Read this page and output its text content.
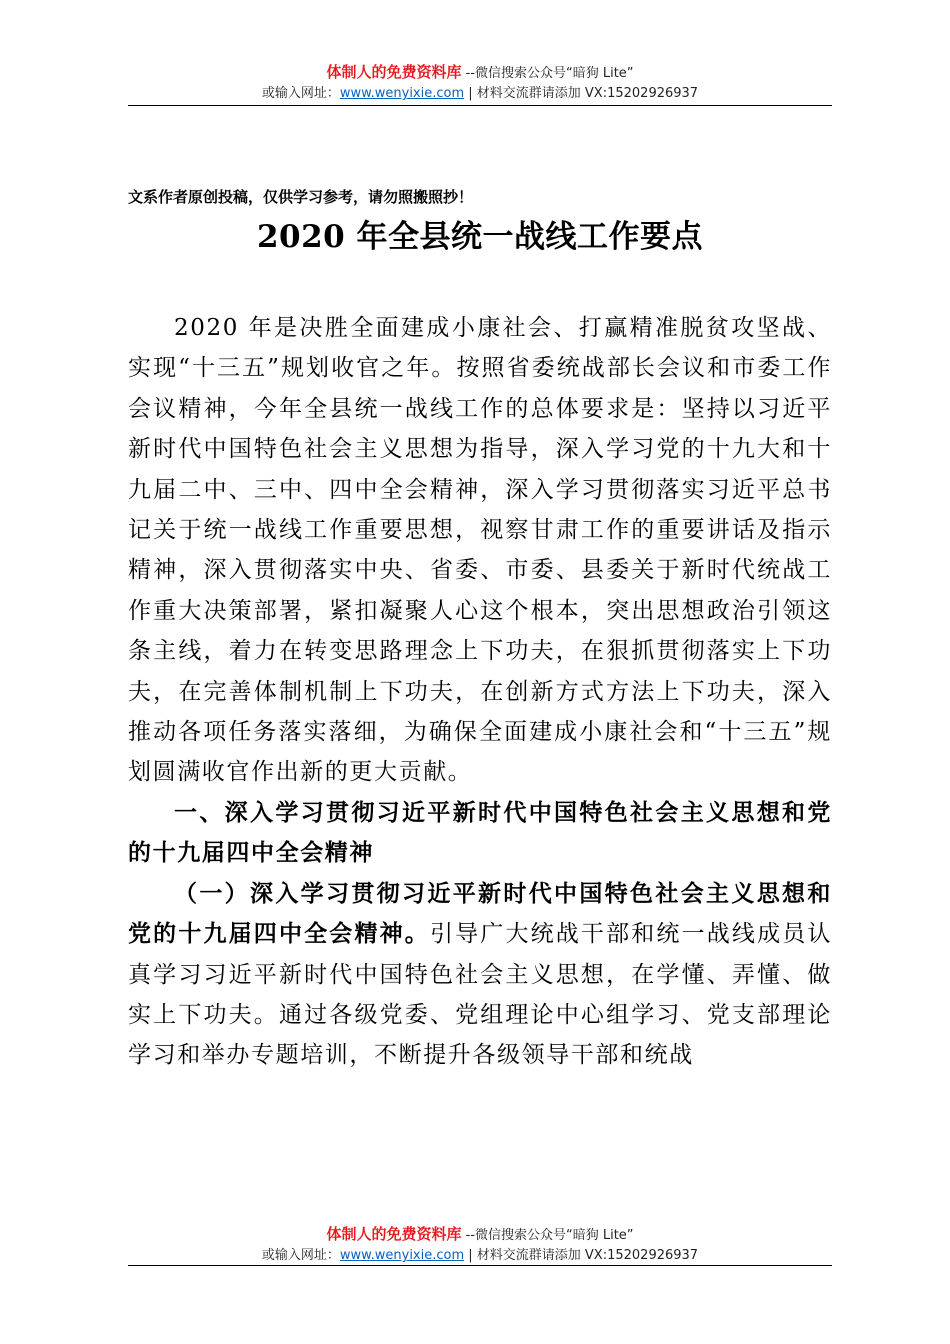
体制人的免费资料库 --微信搜索公众号“暗狗 Lite”
或输入网址：www.wenyixie.com | 材料交流群请添加 VX:15202926937
文系作者原创投稿，仅供学习参考，请勿照搬照抄！
2020 年全县统一战线工作要点

2020 年是决胜全面建成小康社会、打赢精准脱贫攻坚战、实现“十三五”规划收官之年。按照省委统战部长会议和市委工作会议精神，今年全县统一战线工作的总体要求是：坚持以习近平新时代中国特色社会主义思想为指导，深入学习党的十九大和十九届二中、三中、四中全会精神，深入学习贯彻落实习近平总书记关于统一战线工作重要思想，视察甘肃工作的重要讲话及指示精神，深入贯彻落实中央、省委、市委、县委关于新时代统战工作重大决策部署，紧扣凝聚人心这个根本，突出思想政治引领这条主线，着力在转变思路理念上下功夫，在狠抓贯彻落实上下功夫，在完善体制机制上下功夫，在创新方式方法上下功夫，深入推动各项任务落实落细，为确保全面建成小康社会和“十三五”规划圆满收官作出新的更大贡献。

一、深入学习贯彻习近平新时代中国特色社会主义思想和党的十九届四中全会精神

（一）深入学习贯彻习近平新时代中国特色社会主义思想和党的十九届四中全会精神。引导广大统战干部和统一战线成员认真学习习近平新时代中国特色社会主义思想，在学懂、弄懂、做实上下功夫。通过各级党委、党组理论中心组学习、党支部理论学习和举办专题培训，不断提升各级领导干部和统战

体制人的免费资料库 --微信搜索公众号“暗狗 Lite”
或输入网址：www.wenyixie.com | 材料交流群请添加 VX:15202926937
